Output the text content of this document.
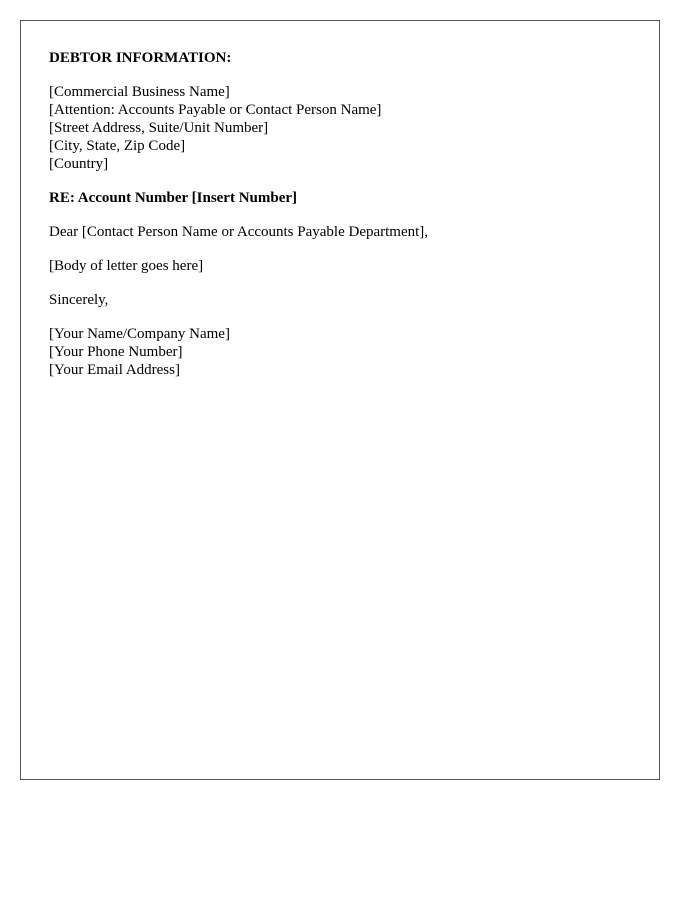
DEBTOR INFORMATION:

[Commercial Business Name]
[Attention: Accounts Payable or Contact Person Name]
[Street Address, Suite/Unit Number]
[City, State, Zip Code]
[Country]

RE: Account Number [Insert Number]

Dear [Contact Person Name or Accounts Payable Department],

[Body of letter goes here]

Sincerely,

[Your Name/Company Name]
[Your Phone Number]
[Your Email Address]
